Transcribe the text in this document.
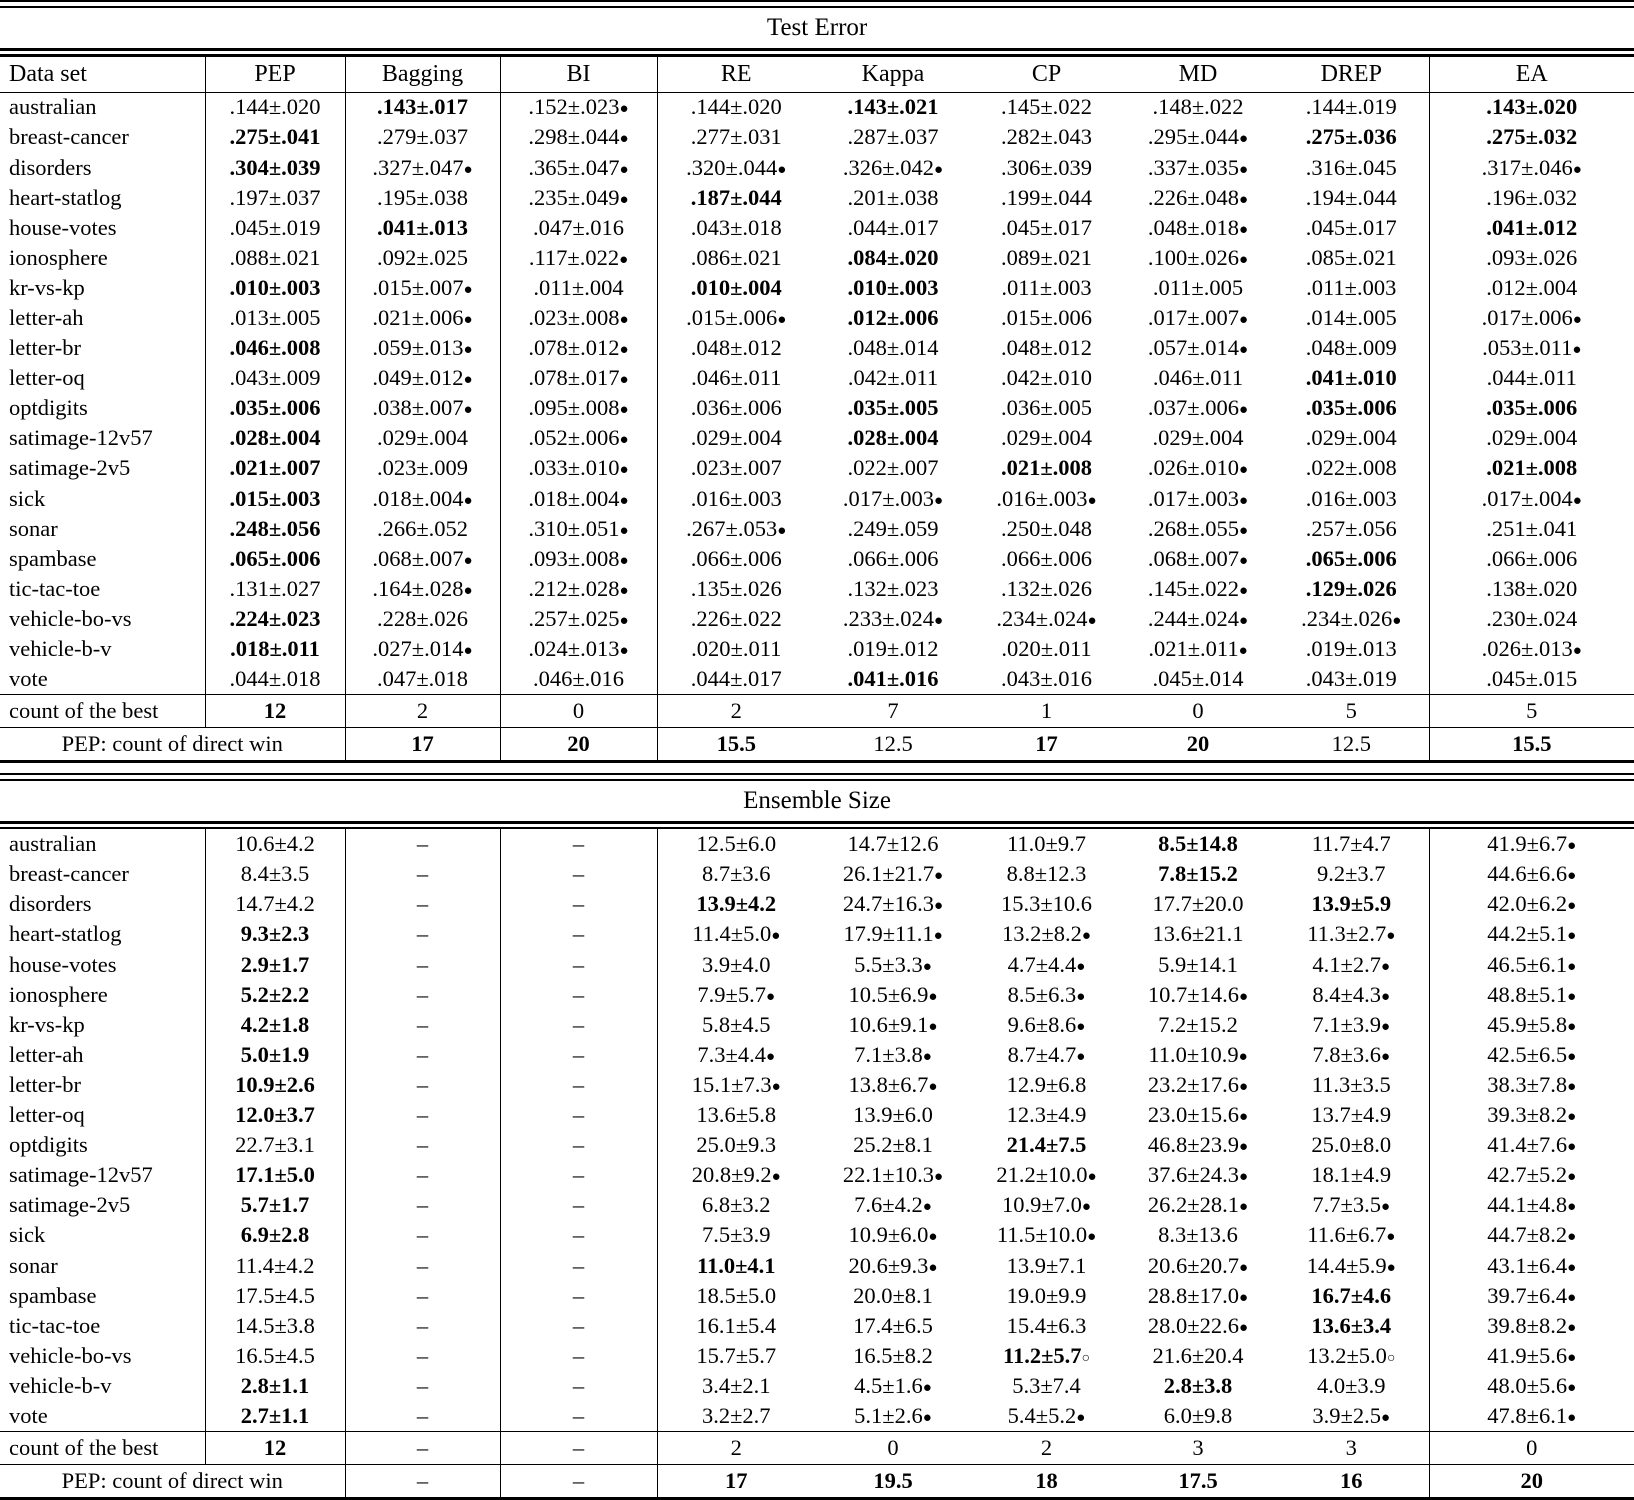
Test Error
Data set	PEP	Bagging	BI	RE	Kappa	CP	MD	DREP	EA

australian	.144±.020	.143±.017	.152±.023 ●	.144±.020	.143±.021	.145±.022	.148±.022	.144±.019	.143±.020
breast-cancer	.275±.041	.279±.037	.298±.044 ●	.277±.031	.287±.037	.282±.043	.295±.044 ●	.275±.036	.275±.032
disorders	.304±.039	.327±.047 ●	.365±.047 ●	.320±.044 ●	.326±.042 ●	.306±.039	.337±.035 ●	.316±.045	.317±.046 ●
heart-statlog	.197±.037	.195±.038	.235±.049 ●	.187±.044	.201±.038	.199±.044	.226±.048 ●	.194±.044	.196±.032
house-votes	.045±.019	.041±.013	.047±.016	.043±.018	.044±.017	.045±.017	.048±.018 ●	.045±.017	.041±.012
ionosphere	.088±.021	.092±.025	.117±.022 ●	.086±.021	.084±.020	.089±.021	.100±.026 ●	.085±.021	.093±.026
kr-vs-kp	.010±.003	.015±.007 ●	.011±.004	.010±.004	.010±.003	.011±.003	.011±.005	.011±.003	.012±.004
letter-ah	.013±.005	.021±.006 ●	.023±.008 ●	.015±.006 ●	.012±.006	.015±.006	.017±.007 ●	.014±.005	.017±.006 ●
letter-br	.046±.008	.059±.013 ●	.078±.012 ●	.048±.012	.048±.014	.048±.012	.057±.014 ●	.048±.009	.053±.011 ●
letter-oq	.043±.009	.049±.012 ●	.078±.017 ●	.046±.011	.042±.011	.042±.010	.046±.011	.041±.010	.044±.011
optdigits	.035±.006	.038±.007 ●	.095±.008 ●	.036±.006	.035±.005	.036±.005	.037±.006 ●	.035±.006	.035±.006
satimage-12v57	.028±.004	.029±.004	.052±.006 ●	.029±.004	.028±.004	.029±.004	.029±.004	.029±.004	.029±.004
satimage-2v5	.021±.007	.023±.009	.033±.010 ●	.023±.007	.022±.007	.021±.008	.026±.010 ●	.022±.008	.021±.008
sick	.015±.003	.018±.004 ●	.018±.004 ●	.016±.003	.017±.003 ●	.016±.003 ●	.017±.003 ●	.016±.003	.017±.004 ●
sonar	.248±.056	.266±.052	.310±.051 ●	.267±.053 ●	.249±.059	.250±.048	.268±.055 ●	.257±.056	.251±.041
spambase	.065±.006	.068±.007 ●	.093±.008 ●	.066±.006	.066±.006	.066±.006	.068±.007 ●	.065±.006	.066±.006
tic-tac-toe	.131±.027	.164±.028 ●	.212±.028 ●	.135±.026	.132±.023	.132±.026	.145±.022 ●	.129±.026	.138±.020
vehicle-bo-vs	.224±.023	.228±.026	.257±.025 ●	.226±.022	.233±.024 ●	.234±.024 ●	.244±.024 ●	.234±.026 ●	.230±.024
vehicle-b-v	.018±.011	.027±.014 ●	.024±.013 ●	.020±.011	.019±.012	.020±.011	.021±.011 ●	.019±.013	.026±.013 ●
vote	.044±.018	.047±.018	.046±.016	.044±.017	.041±.016	.043±.016	.045±.014	.043±.019	.045±.015

count of the best	12	2	0	2	7	1	0	5	5

PEP: count of direct win		17	20	15.5	12.5	17	20	12.5	15.5
Ensemble Size

australian	10.6±4.2	–	–	12.5±6.0	14.7±12.6	11.0±9.7	8.5±14.8	11.7±4.7	41.9±6.7 ●
breast-cancer	8.4±3.5	–	–	8.7±3.6	26.1±21.7 ●	8.8±12.3	7.8±15.2	9.2±3.7	44.6±6.6 ●
disorders	14.7±4.2	–	–	13.9±4.2	24.7±16.3 ●	15.3±10.6	17.7±20.0	13.9±5.9	42.0±6.2 ●
heart-statlog	9.3±2.3	–	–	11.4±5.0 ●	17.9±11.1 ●	13.2±8.2 ●	13.6±21.1	11.3±2.7 ●	44.2±5.1 ●
house-votes	2.9±1.7	–	–	3.9±4.0	5.5±3.3 ●	4.7±4.4 ●	5.9±14.1	4.1±2.7 ●	46.5±6.1 ●
ionosphere	5.2±2.2	–	–	7.9±5.7 ●	10.5±6.9 ●	8.5±6.3 ●	10.7±14.6 ●	8.4±4.3 ●	48.8±5.1 ●
kr-vs-kp	4.2±1.8	–	–	5.8±4.5	10.6±9.1 ●	9.6±8.6 ●	7.2±15.2	7.1±3.9 ●	45.9±5.8 ●
letter-ah	5.0±1.9	–	–	7.3±4.4 ●	7.1±3.8 ●	8.7±4.7 ●	11.0±10.9 ●	7.8±3.6 ●	42.5±6.5 ●
letter-br	10.9±2.6	–	–	15.1±7.3 ●	13.8±6.7 ●	12.9±6.8	23.2±17.6 ●	11.3±3.5	38.3±7.8 ●
letter-oq	12.0±3.7	–	–	13.6±5.8	13.9±6.0	12.3±4.9	23.0±15.6 ●	13.7±4.9	39.3±8.2 ●
optdigits	22.7±3.1	–	–	25.0±9.3	25.2±8.1	21.4±7.5	46.8±23.9 ●	25.0±8.0	41.4±7.6 ●
satimage-12v57	17.1±5.0	–	–	20.8±9.2 ●	22.1±10.3 ●	21.2±10.0 ●	37.6±24.3 ●	18.1±4.9	42.7±5.2 ●
satimage-2v5	5.7±1.7	–	–	6.8±3.2	7.6±4.2 ●	10.9±7.0 ●	26.2±28.1 ●	7.7±3.5 ●	44.1±4.8 ●
sick	6.9±2.8	–	–	7.5±3.9	10.9±6.0 ●	11.5±10.0 ●	8.3±13.6	11.6±6.7 ●	44.7±8.2 ●
sonar	11.4±4.2	–	–	11.0±4.1	20.6±9.3 ●	13.9±7.1	20.6±20.7 ●	14.4±5.9 ●	43.1±6.4 ●
spambase	17.5±4.5	–	–	18.5±5.0	20.0±8.1	19.0±9.9	28.8±17.0 ●	16.7±4.6	39.7±6.4 ●
tic-tac-toe	14.5±3.8	–	–	16.1±5.4	17.4±6.5	15.4±6.3	28.0±22.6 ●	13.6±3.4	39.8±8.2 ●
vehicle-bo-vs	16.5±4.5	–	–	15.7±5.7	16.5±8.2	11.2±5.7 ○	21.6±20.4	13.2±5.0 ○	41.9±5.6 ●
vehicle-b-v	2.8±1.1	–	–	3.4±2.1	4.5±1.6 ●	5.3±7.4	2.8±3.8	4.0±3.9	48.0±5.6 ●
vote	2.7±1.1	–	–	3.2±2.7	5.1±2.6 ●	5.4±5.2 ●	6.0±9.8	3.9±2.5 ●	47.8±6.1 ●

count of the best	12	–	–	2	0	2	3	3	0

PEP: count of direct win		–	–	17	19.5	18	17.5	16	20
